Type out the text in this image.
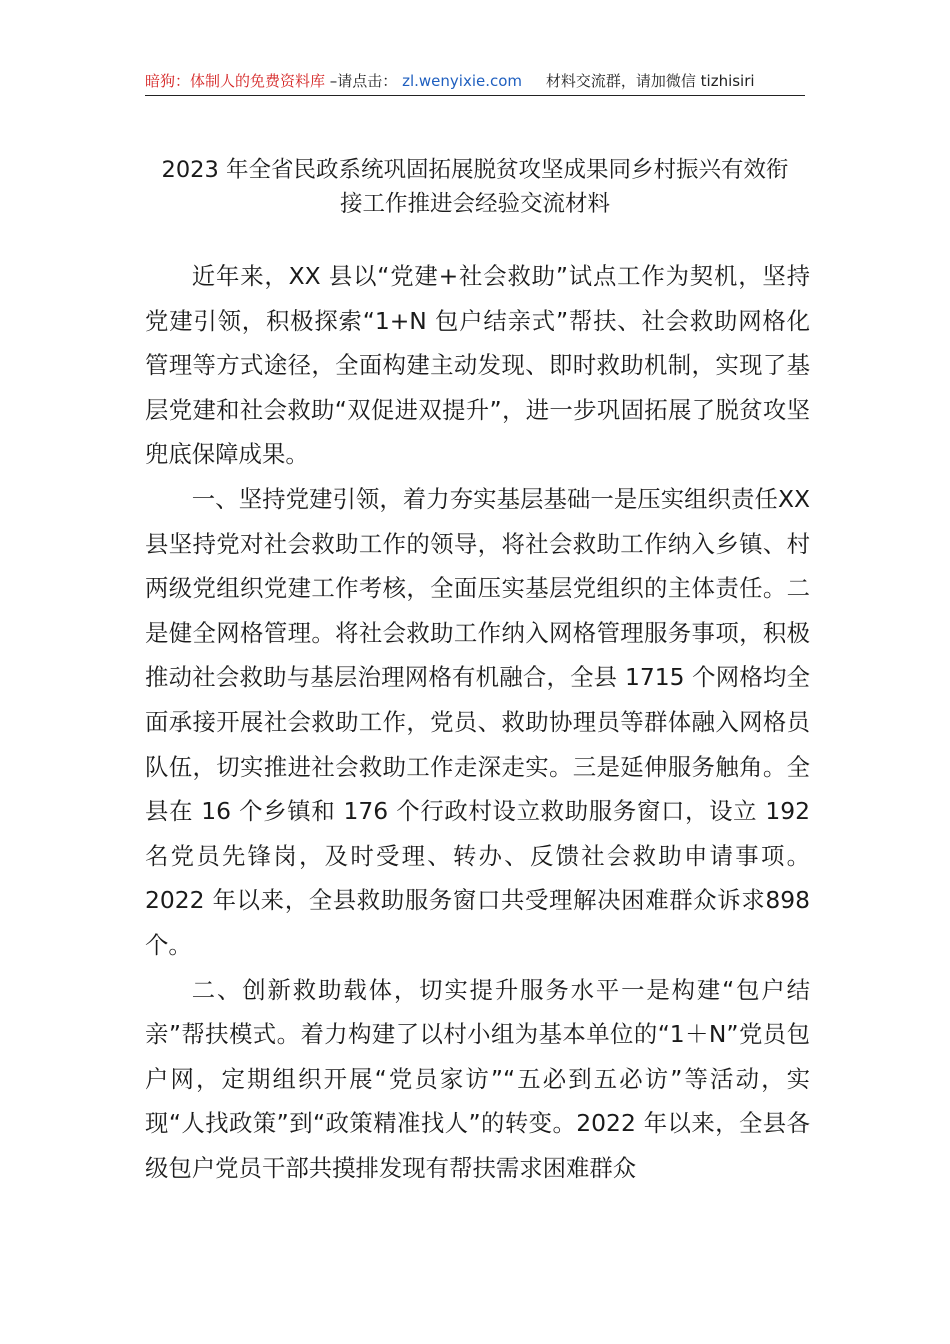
暗狗：体制人的免费资料库 –请点击： zl.wenyixie.com 材料交流群，请加微信 tizhisiri
2023 年全省民政系统巩固拓展脱贫攻坚成果同乡村振兴有效衔
接工作推进会经验交流材料

近年来，XX 县以“党建+社会救助”试点工作为契机，坚持党建引领，积极探索“1+N 包户结亲式”帮扶、社会救助网格化管理等方式途径，全面构建主动发现、即时救助机制，实现了基层党建和社会救助“双促进双提升”，进一步巩固拓展了脱贫攻坚兜底保障成果。

一、坚持党建引领，着力夯实基层基础一是压实组织责任XX 县坚持党对社会救助工作的领导，将社会救助工作纳入乡镇、村两级党组织党建工作考核，全面压实基层党组织的主体责任。二是健全网格管理。将社会救助工作纳入网格管理服务事项，积极推动社会救助与基层治理网格有机融合，全县 1715 个网格均全面承接开展社会救助工作，党员、救助协理员等群体融入网格员队伍，切实推进社会救助工作走深走实。三是延伸服务触角。全县在 16 个乡镇和 176 个行政村设立救助服务窗口，设立 192 名党员先锋岗，及时受理、转办、反馈社会救助申请事项。2022 年以来，全县救助服务窗口共受理解决困难群众诉求898 个。

二、创新救助载体，切实提升服务水平一是构建“包户结亲”帮扶模式。着力构建了以村小组为基本单位的“1＋N”党员包户网，定期组织开展“党员家访”“五必到五必访”等活动，实现“人找政策”到“政策精准找人”的转变。2022 年以来，全县各级包户党员干部共摸排发现有帮扶需求困难群众
